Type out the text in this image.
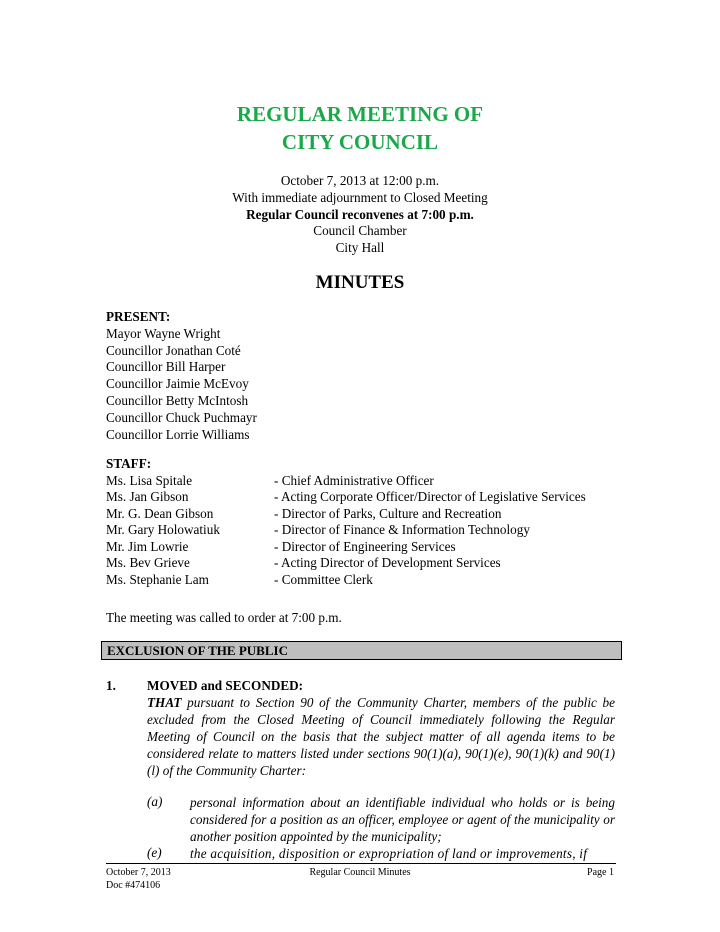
REGULAR MEETING OF
CITY COUNCIL
October 7, 2013 at 12:00 p.m.
With immediate adjournment to Closed Meeting
Regular Council reconvenes at 7:00 p.m.
Council Chamber
City Hall
MINUTES
PRESENT:
Mayor Wayne Wright
Councillor Jonathan Coté
Councillor Bill Harper
Councillor Jaimie McEvoy
Councillor Betty McIntosh
Councillor Chuck Puchmayr
Councillor Lorrie Williams
STAFF:
Ms. Lisa Spitale	- Chief Administrative Officer
Ms. Jan Gibson	- Acting Corporate Officer/Director of Legislative Services
Mr. G. Dean Gibson	- Director of Parks, Culture and Recreation
Mr. Gary Holowatiuk	- Director of Finance & Information Technology
Mr. Jim Lowrie	- Director of Engineering Services
Ms. Bev Grieve	- Acting Director of Development Services
Ms. Stephanie Lam	- Committee Clerk
The meeting was called to order at 7:00 p.m.
EXCLUSION OF THE PUBLIC
1. MOVED and SECONDED:
THAT pursuant to Section 90 of the Community Charter, members of the public be excluded from the Closed Meeting of Council immediately following the Regular Meeting of Council on the basis that the subject matter of all agenda items to be considered relate to matters listed under sections 90(1)(a), 90(1)(e), 90(1)(k) and 90(1)(l) of the Community Charter:
(a) personal information about an identifiable individual who holds or is being considered for a position as an officer, employee or agent of the municipality or another position appointed by the municipality;
(e) the acquisition, disposition or expropriation of land or improvements, if
October 7, 2013
Doc #474106
Regular Council Minutes	Page 1
